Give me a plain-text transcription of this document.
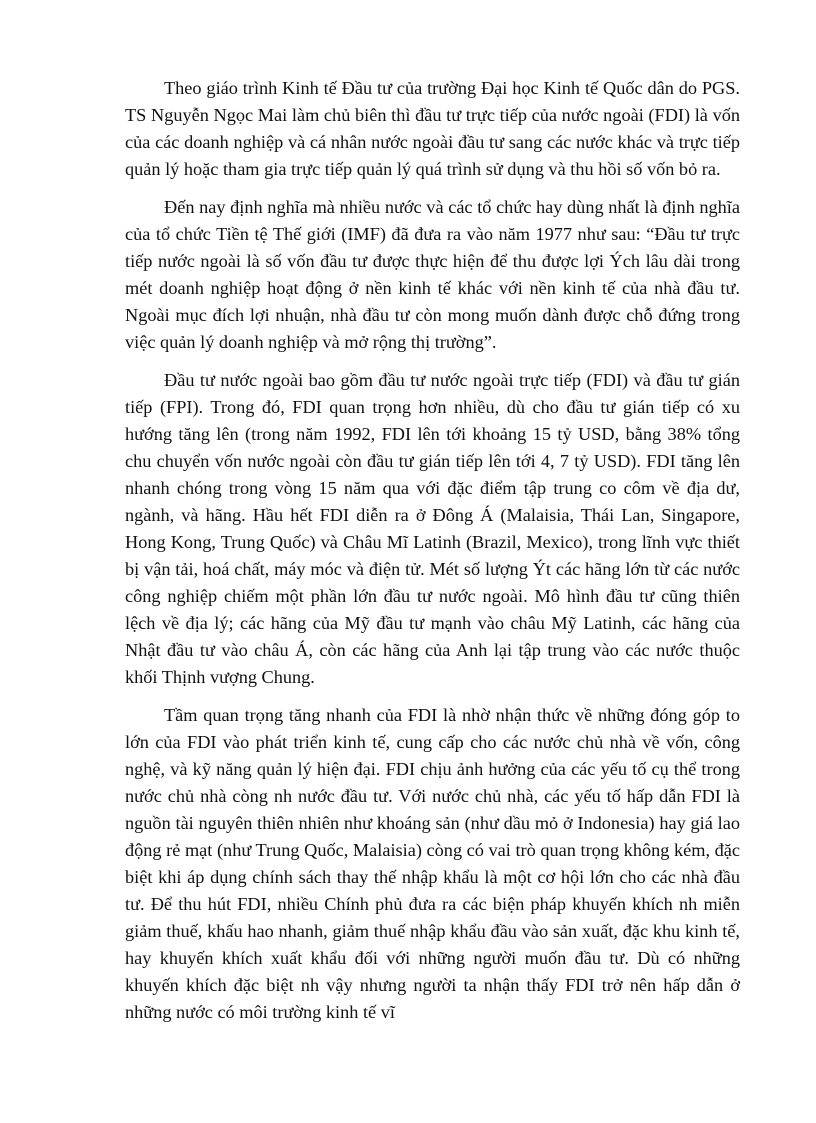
Theo giáo trình Kinh tế Đầu tư của trường Đại học Kinh tế Quốc dân do PGS. TS Nguyễn Ngọc Mai làm chủ biên thì đầu tư trực tiếp của nước ngoài (FDI) là vốn của các doanh nghiệp và cá nhân nước ngoài đầu tư sang các nước khác và trực tiếp quản lý hoặc tham gia trực tiếp quản lý quá trình sử dụng và thu hồi số vốn bỏ ra.

Đến nay định nghĩa mà nhiều nước và các tổ chức hay dùng nhất là định nghĩa của tổ chức Tiền tệ Thế giới (IMF) đã đưa ra vào năm 1977 như sau: “Đầu tư trực tiếp nước ngoài là số vốn đầu tư được thực hiện để thu được lợi Ých lâu dài trong mét doanh nghiệp hoạt động ở nền kinh tế khác với nền kinh tế của nhà đầu tư. Ngoài mục đích lợi nhuận, nhà đầu tư còn mong muốn dành được chỗ đứng trong việc quản lý doanh nghiệp và mở rộng thị trường”.

Đầu tư nước ngoài bao gồm đầu tư nước ngoài trực tiếp (FDI) và đầu tư gián tiếp (FPI). Trong đó, FDI quan trọng hơn nhiều, dù cho đầu tư gián tiếp có xu hướng tăng lên (trong năm 1992, FDI lên tới khoảng 15 tỷ USD, bằng 38% tổng chu chuyển vốn nước ngoài còn đầu tư gián tiếp lên tới 4, 7 tỷ USD). FDI tăng lên nhanh chóng trong vòng 15 năm qua với đặc điểm tập trung co côm về địa dư, ngành, và hãng. Hầu hết FDI diễn ra ở Đông Á (Malaisia, Thái Lan, Singapore, Hong Kong, Trung Quốc) và Châu Mĩ Latinh (Brazil, Mexico), trong lĩnh vực thiết bị vận tải, hoá chất, máy móc và điện tử. Mét số lượng Ýt các hãng lớn từ các nước công nghiệp chiếm một phần lớn đầu tư nước ngoài. Mô hình đầu tư cũng thiên lệch về địa lý; các hãng của Mỹ đầu tư mạnh vào châu Mỹ Latinh, các hãng của Nhật đầu tư vào châu Á, còn các hãng của Anh lại tập trung vào các nước thuộc khối Thịnh vượng Chung.

Tầm quan trọng tăng nhanh của FDI là nhờ nhận thức về những đóng góp to lớn của FDI vào phát triển kinh tế, cung cấp cho các nước chủ nhà về vốn, công nghệ, và kỹ năng quản lý hiện đại. FDI chịu ảnh hưởng của các yếu tố cụ thể trong nước chủ nhà còng nh nước đầu tư. Với nước chủ nhà, các yếu tố hấp dẫn FDI là nguồn tài nguyên thiên nhiên như khoáng sản (như dầu mỏ ở Indonesia) hay giá lao động rẻ mạt (như Trung Quốc, Malaisia) còng có vai trò quan trọng không kém, đặc biệt khi áp dụng chính sách thay thế nhập khẩu là một cơ hội lớn cho các nhà đầu tư. Để thu hút FDI, nhiều Chính phủ đưa ra các biện pháp khuyến khích nh miễn giảm thuế, khấu hao nhanh, giảm thuế nhập khẩu đầu vào sản xuất, đặc khu kinh tế, hay khuyến khích xuất khẩu đối với những người muốn đầu tư. Dù có những khuyến khích đặc biệt nh vậy nhưng người ta nhận thấy FDI trở nên hấp dẫn ở những nước có môi trường kinh tế vĩ
